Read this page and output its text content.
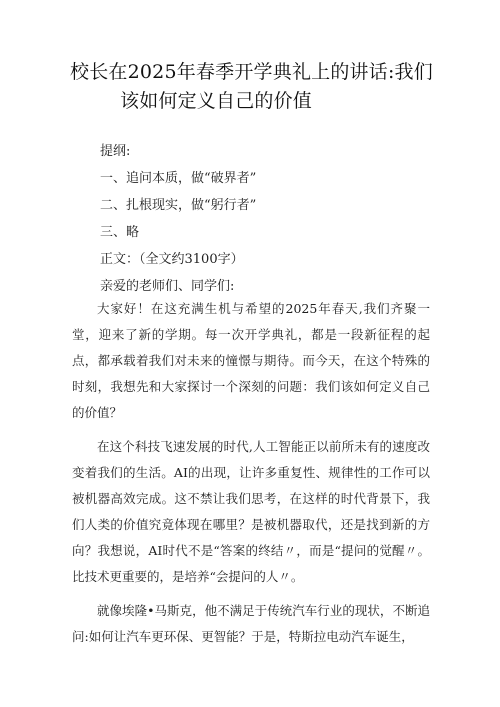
校长在2025年春季开学典礼上的讲话:我们
该如何定义自己的价值
提纲:
一、追问本质，做“破界者”
二、扎根现实，做“躬行者”
三、略
正文：（全文约3100字）
亲爱的老师们、同学们:

大家好！在这充满生机与希望的2025年春天,我们齐聚一堂，迎来了新的学期。每一次开学典礼，都是一段新征程的起点，都承载着我们对未来的憧憬与期待。而今天，在这个特殊的时刻，我想先和大家探讨一个深刻的问题：我们该如何定义自己的价值？

在这个科技飞速发展的时代,人工智能正以前所未有的速度改变着我们的生活。AI的出现，让许多重复性、规律性的工作可以被机器高效完成。这不禁让我们思考，在这样的时代背景下，我们人类的价值究竟体现在哪里？是被机器取代，还是找到新的方向？我想说，AI时代不是“答案的终结〃，而是“提问的觉醒〃。比技术更重要的，是培养“会提问的人〃。

就像埃隆•马斯克，他不满足于传统汽车行业的现状，不断追问:如何让汽车更环保、更智能？于是，特斯拉电动汽车诞生，
